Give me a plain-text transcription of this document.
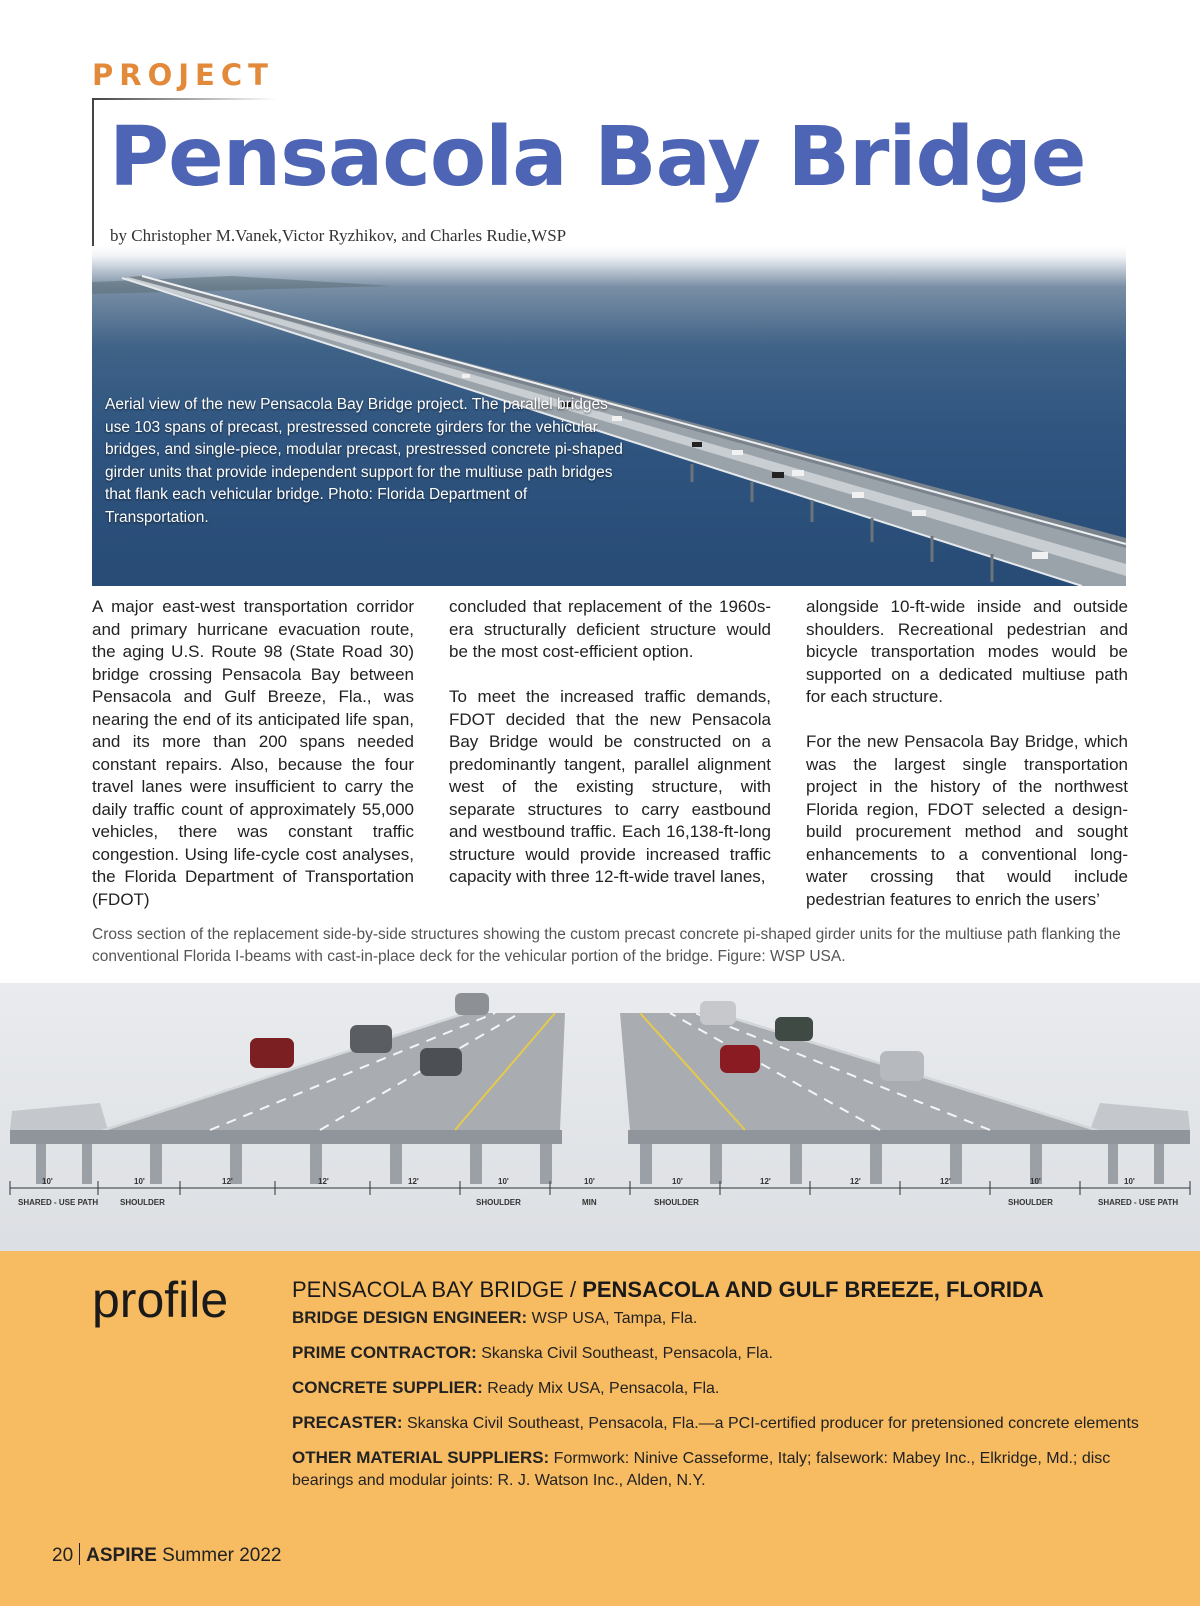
PROJECT
Pensacola Bay Bridge
by Christopher M.Vanek,Victor Ryzhikov, and Charles Rudie,WSP
Aerial view of the new Pensacola Bay Bridge project. The parallel bridges use 103 spans of precast, prestressed concrete girders for the vehicular bridges, and single-piece, modular precast, prestressed concrete pi-shaped girder units that provide independent support for the multiuse path bridges that flank each vehicular bridge. Photo: Florida Department of Transportation.

A major east-west transportation corridor and primary hurricane evacuation route, the aging U.S. Route 98 (State Road 30) bridge crossing Pensacola Bay between Pensacola and Gulf Breeze, Fla., was nearing the end of its anticipated life span, and its more than 200 spans needed constant repairs. Also, because the four travel lanes were insufficient to carry the daily traffic count of approximately 55,000 vehicles, there was constant traffic congestion. Using life-cycle cost analyses, the Florida Department of Transportation (FDOT)

concluded that replacement of the 1960s-era structurally deficient structure would be the most cost-efficient option.

To meet the increased traffic demands, FDOT decided that the new Pensacola Bay Bridge would be constructed on a predominantly tangent, parallel alignment west of the existing structure, with separate structures to carry eastbound and westbound traffic. Each 16,138-ft-long structure would provide increased traffic capacity with three 12-ft-wide travel lanes,

alongside 10-ft-wide inside and outside shoulders. Recreational pedestrian and bicycle transportation modes would be supported on a dedicated multiuse path for each structure.

For the new Pensacola Bay Bridge, which was the largest single transportation project in the history of the northwest Florida region, FDOT selected a design-build procurement method and sought enhancements to a conventional long-water crossing that would include pedestrian features to enrich the users’

Cross section of the replacement side-by-side structures showing the custom precast concrete pi-shaped girder units for the multiuse path flanking the conventional Florida I-beams with cast-in-place deck for the vehicular portion of the bridge. Figure: WSP USA.
10'
SHARED - USE PATH
10'
SHOULDER
12'	12'	12'	10'
SHOULDER
10'
MIN
10'
SHOULDER
12'	12'	12'	10'
SHOULDER
10'
SHARED - USE PATH
profile	PENSACOLA BAY BRIDGE / PENSACOLA AND GULF BREEZE, FLORIDA
BRIDGE DESIGN ENGINEER: WSP USA, Tampa, Fla.
PRIME CONTRACTOR: Skanska Civil Southeast, Pensacola, Fla.
CONCRETE SUPPLIER: Ready Mix USA, Pensacola, Fla.
PRECASTER: Skanska Civil Southeast, Pensacola, Fla.—a PCI-certified producer for pretensioned concrete elements
OTHER MATERIAL SUPPLIERS: Formwork: Ninive Casseforme, Italy; falsework: Mabey Inc., Elkridge, Md.; disc bearings and modular joints: R. J. Watson Inc., Alden, N.Y.
20 ASPIRE Summer 2022
